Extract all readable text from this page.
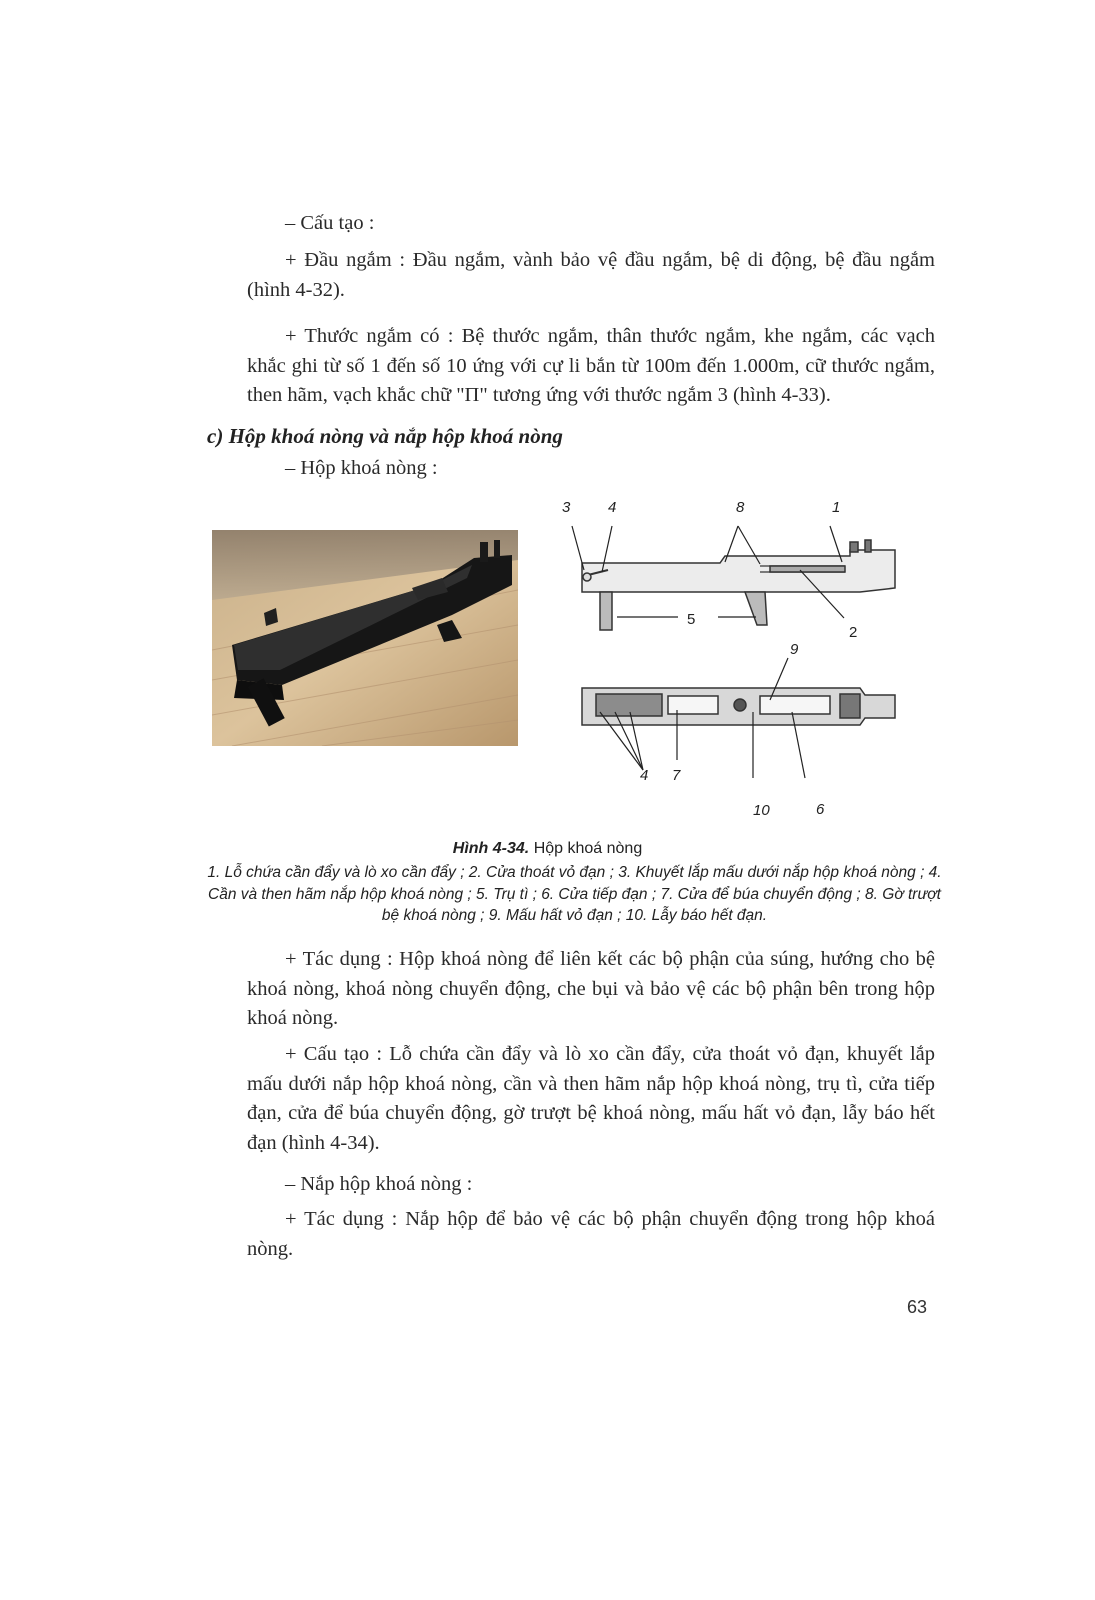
– Cấu tạo :
+ Đầu ngắm : Đầu ngắm, vành bảo vệ đầu ngắm, bệ di động, bệ đầu ngắm (hình 4-32).
+ Thước ngắm có : Bệ thước ngắm, thân thước ngắm, khe ngắm, các vạch khắc ghi từ số 1 đến số 10 ứng với cự li bắn từ 100m đến 1.000m, cữ thước ngắm, then hãm, vạch khắc chữ "П" tương ứng với thước ngắm 3 (hình 4-33).
c) Hộp khoá nòng và nắp hộp khoá nòng
– Hộp khoá nòng :
3	4	8	1
5
2
9
4 7
10	6
Hình 4-34. Hộp khoá nòng
1. Lỗ chứa cần đẩy và lò xo cần đẩy ; 2. Cửa thoát vỏ đạn ; 3. Khuyết lắp mấu dưới nắp hộp khoá nòng ; 4. Cần và then hãm nắp hộp khoá nòng ; 5. Trụ tì ; 6. Cửa tiếp đạn ; 7. Cửa để búa chuyển động ; 8. Gờ trượt bệ khoá nòng ; 9. Mấu hất vỏ đạn ; 10. Lẫy báo hết đạn.
+ Tác dụng : Hộp khoá nòng để liên kết các bộ phận của súng, hướng cho bệ khoá nòng, khoá nòng chuyển động, che bụi và bảo vệ các bộ phận bên trong hộp khoá nòng.
+ Cấu tạo : Lỗ chứa cần đẩy và lò xo cần đẩy, cửa thoát vỏ đạn, khuyết lắp mấu dưới nắp hộp khoá nòng, cần và then hãm nắp hộp khoá nòng, trụ tì, cửa tiếp đạn, cửa để búa chuyển động, gờ trượt bệ khoá nòng, mấu hất vỏ đạn, lẫy báo hết đạn (hình 4-34).
– Nắp hộp khoá nòng :
+ Tác dụng : Nắp hộp để bảo vệ các bộ phận chuyển động trong hộp khoá nòng.
63
